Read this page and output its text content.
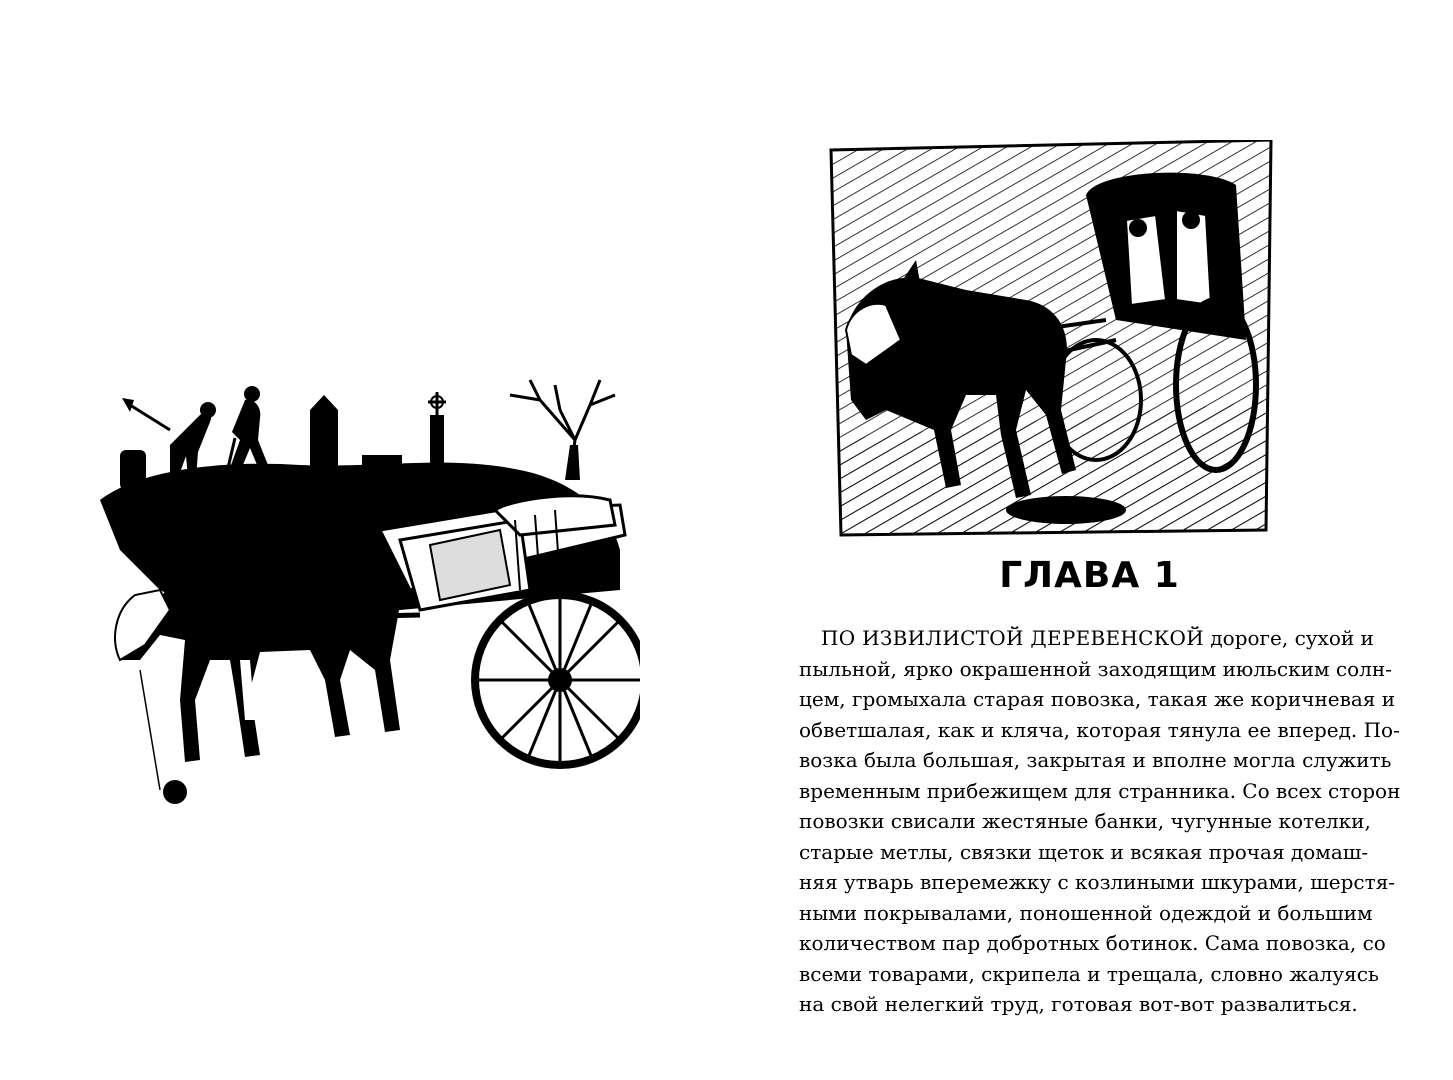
ГЛАВА 1
ПО ИЗВИЛИСТОЙ ДЕРЕВЕНСКОЙ дорогe, сухой и
пыльной, ярко окрашенной заходящим июльским солн-
цем, громыхала старая повозка, такая же коричневая и
обветшалая, как и кляча, которая тянула ее вперед. По-
возка была большая, закрытая и вполне могла служить
временным прибежищем для странника. Со всех сторон
повозки свисали жестяные банки, чугунные котелки,
старые метлы, связки щеток и всякая прочая домаш-
няя утварь вперемежку с козлиными шкурами, шерстя-
ными покрывалами, поношенной одеждой и большим
количеством пар добротных ботинок. Сама повозка, со
всеми товарами, скрипела и трещала, словно жалуясь
на свой нелегкий труд, готовая вот-вот развалиться.
